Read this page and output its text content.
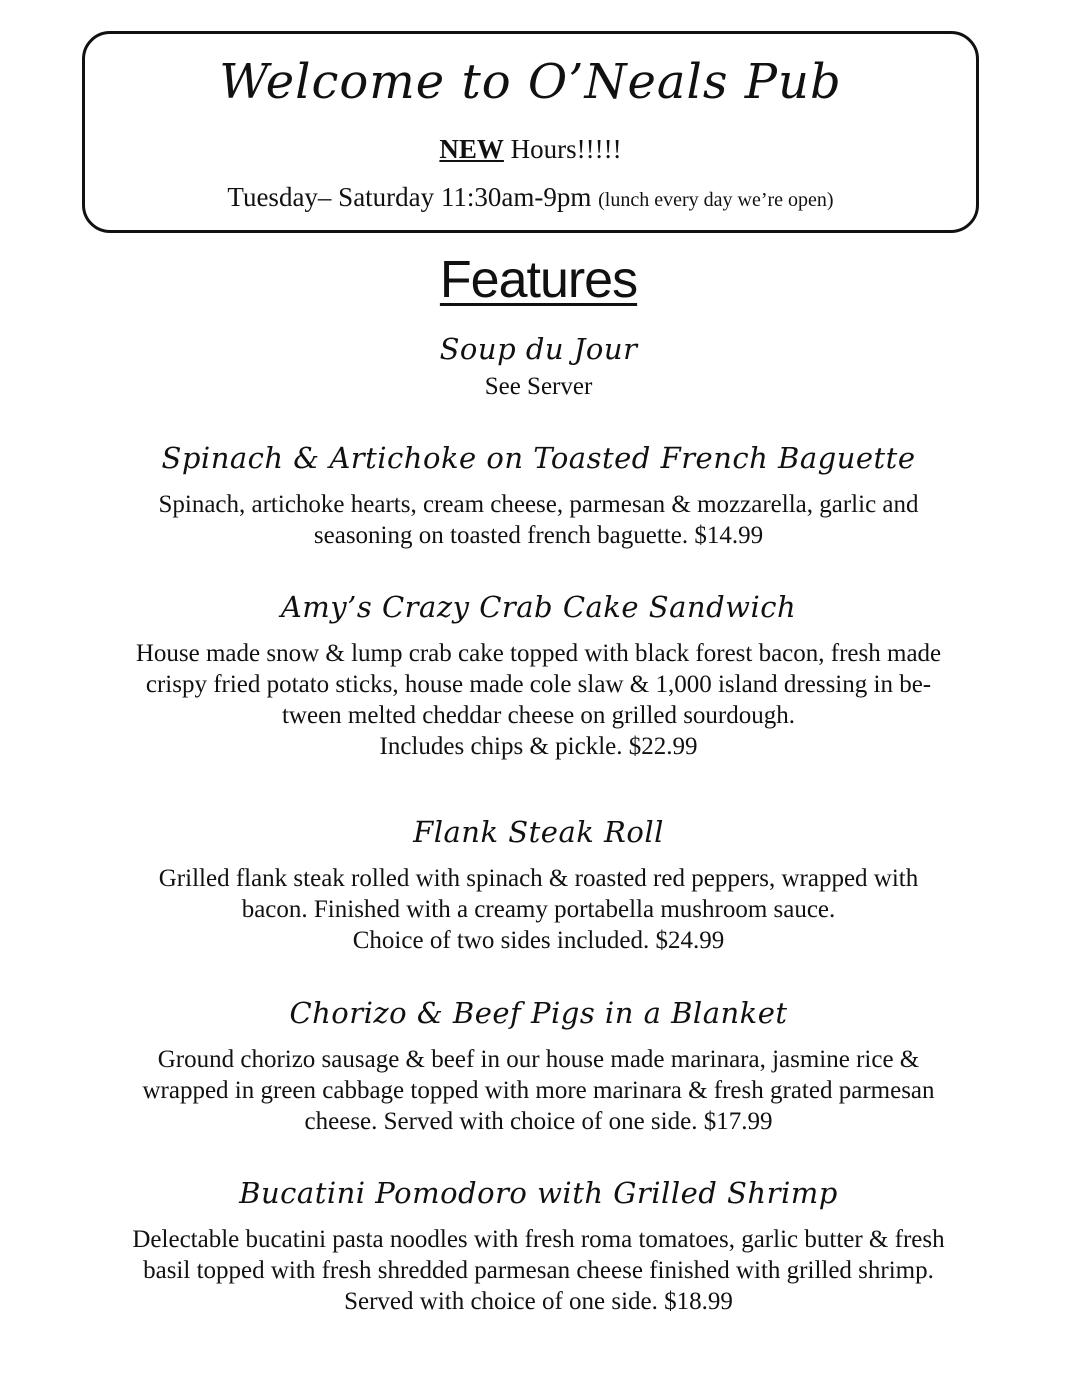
Welcome to O’Neals Pub
NEW Hours!!!!!
Tuesday– Saturday 11:30am-9pm (lunch every day we’re open)
Features
Soup du Jour
See Server
Spinach & Artichoke on Toasted French Baguette
Spinach, artichoke hearts, cream cheese, parmesan & mozzarella, garlic and
seasoning on toasted french baguette. $14.99
Amy’s Crazy Crab Cake Sandwich
House made snow & lump crab cake topped with black forest bacon, fresh made
crispy fried potato sticks, house made cole slaw & 1,000 island dressing in be-
tween melted cheddar cheese on grilled sourdough.
Includes chips & pickle. $22.99
Flank Steak Roll
Grilled flank steak rolled with spinach & roasted red peppers, wrapped with
bacon. Finished with a creamy portabella mushroom sauce.
Choice of two sides included. $24.99
Chorizo & Beef Pigs in a Blanket
Ground chorizo sausage & beef in our house made marinara, jasmine rice &
wrapped in green cabbage topped with more marinara & fresh grated parmesan
cheese. Served with choice of one side. $17.99
Bucatini Pomodoro with Grilled Shrimp
Delectable bucatini pasta noodles with fresh roma tomatoes, garlic butter & fresh
basil topped with fresh shredded parmesan cheese finished with grilled shrimp.
Served with choice of one side. $18.99
